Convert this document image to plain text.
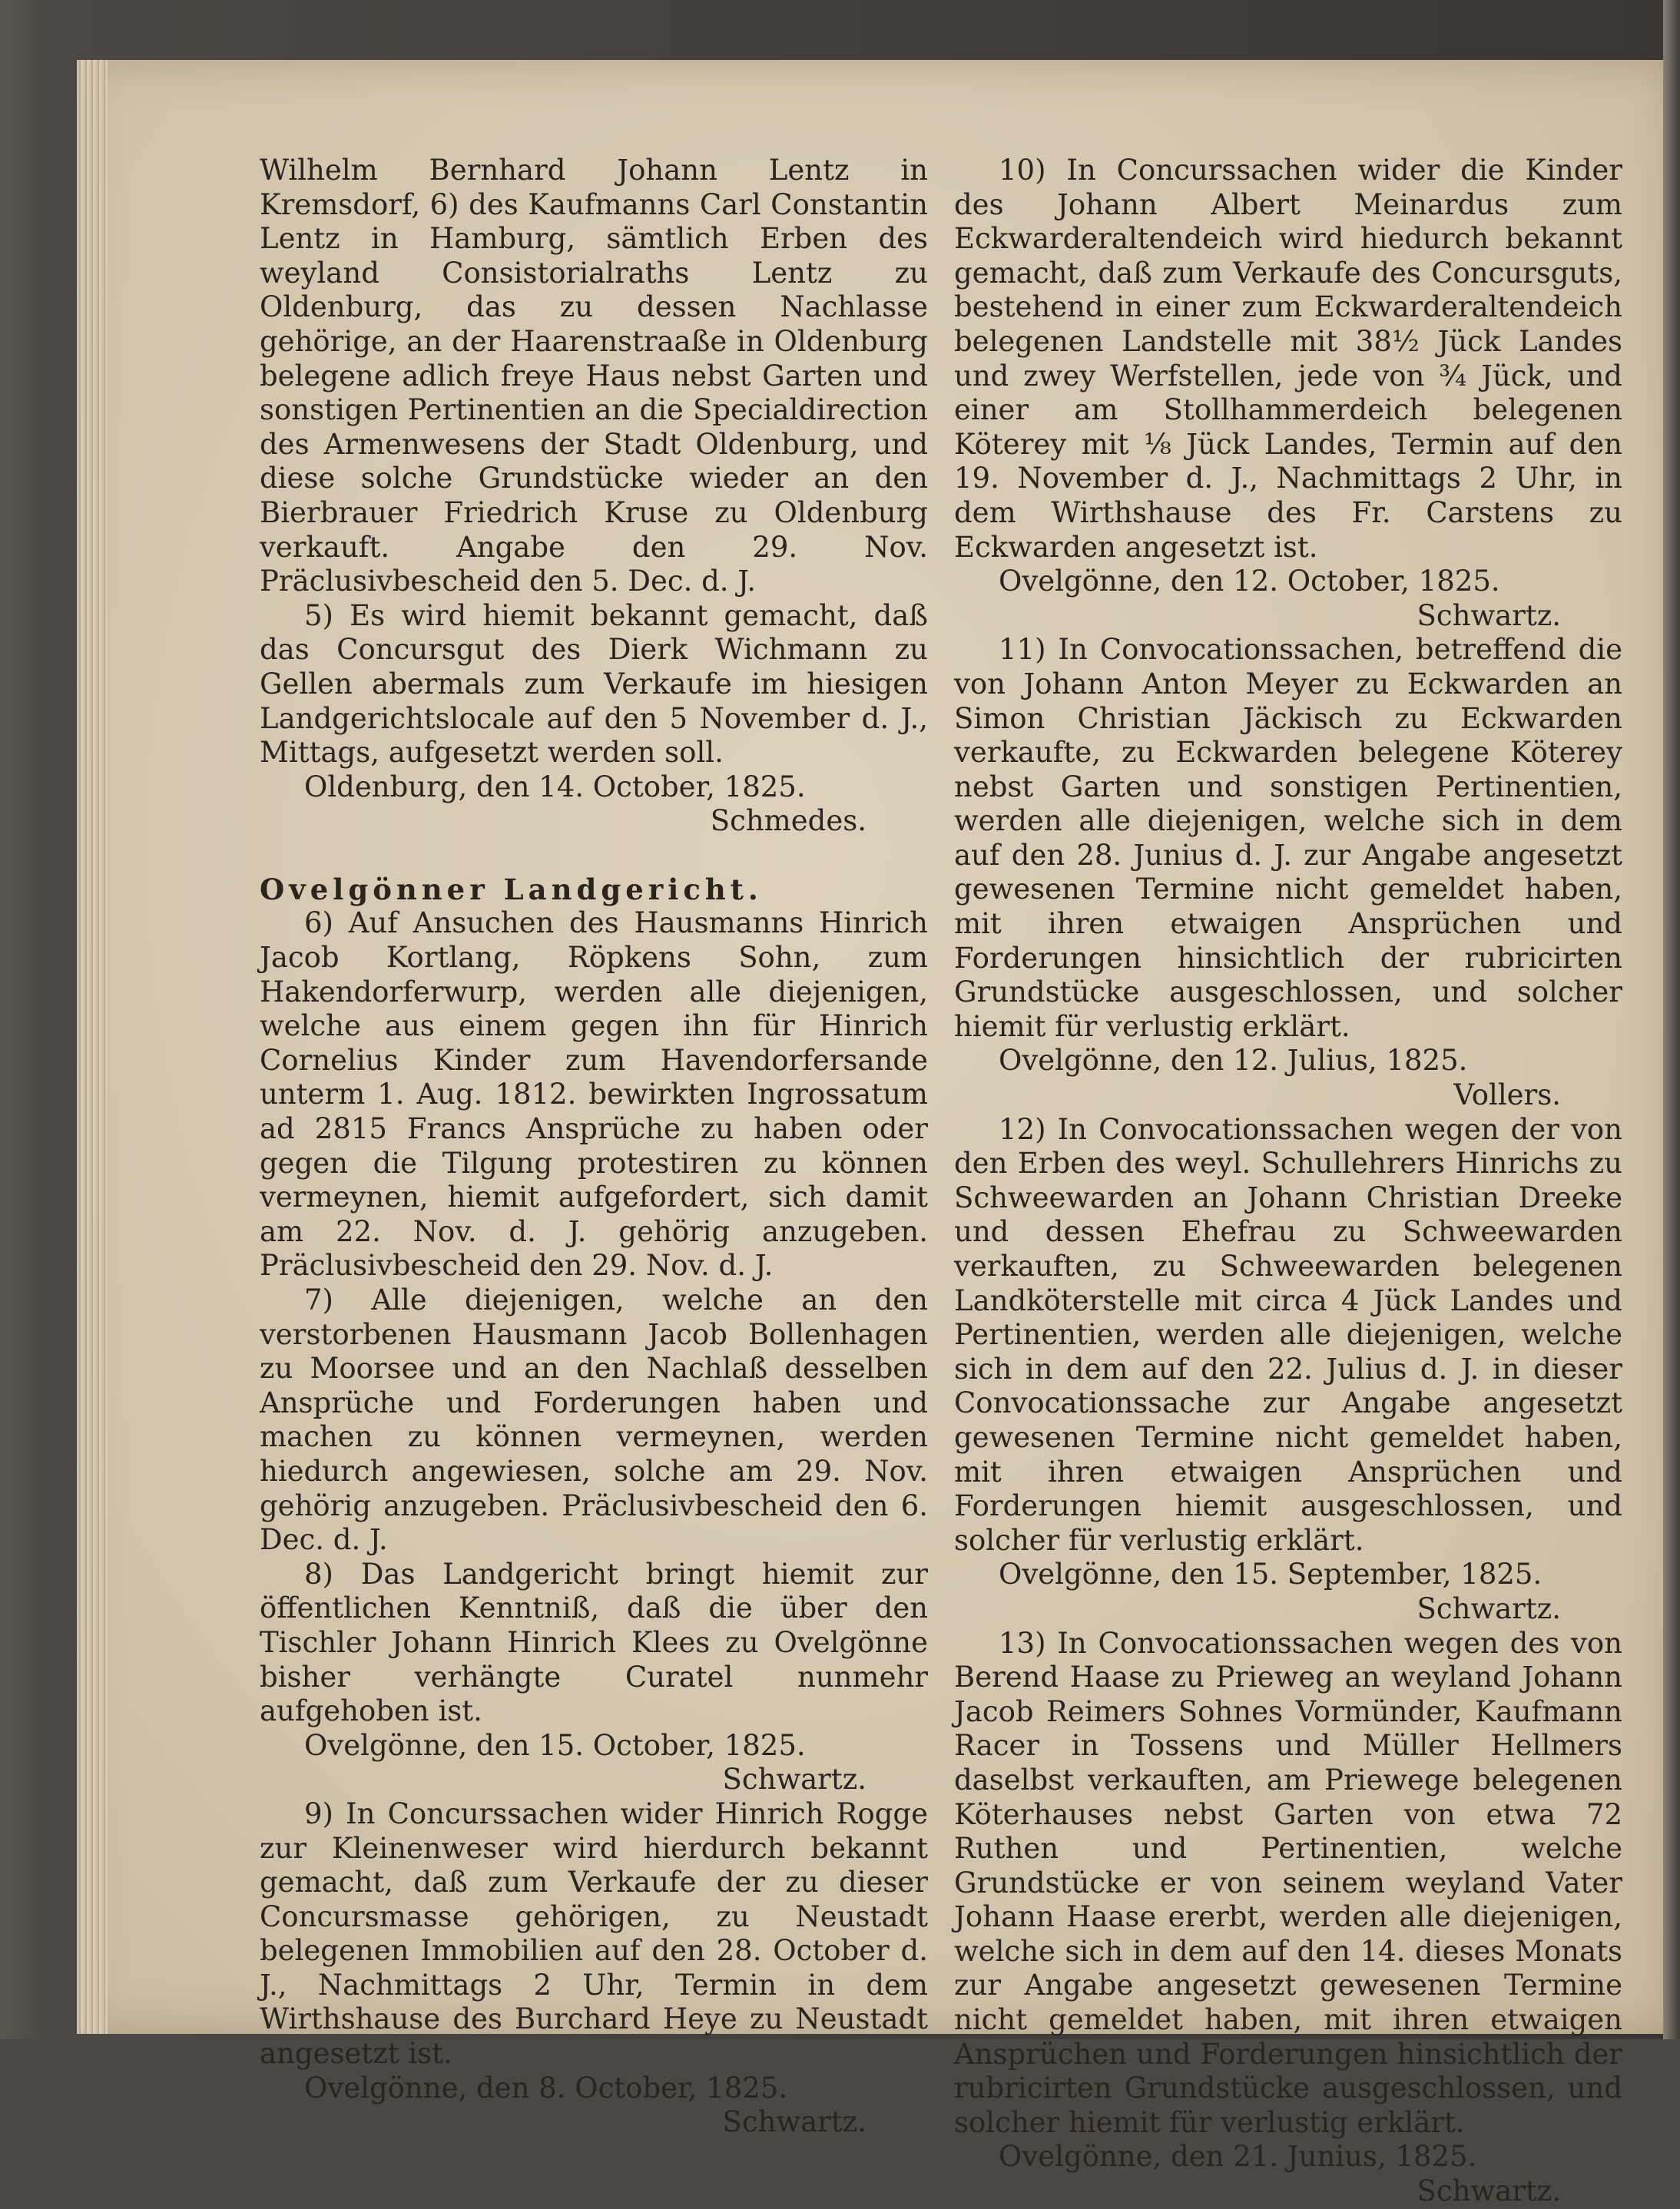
Wilhelm Bernhard Johann Lentz in Kremsdorf, 6) des Kaufmanns Carl Constantin Lentz in Hamburg, sämtlich Erben des weyland Consistorialraths Lentz zu Oldenburg, das zu dessen Nachlasse gehörige, an der Haarenstraaße in Oldenburg belegene adlich freye Haus nebst Garten und sonstigen Pertinentien an die Specialdirection des Armenwesens der Stadt Oldenburg, und diese solche Grundstücke wieder an den Bierbrauer Friedrich Kruse zu Oldenburg verkauft. Angabe den 29. Nov. Präclusivbescheid den 5. Dec. d. J.

5) Es wird hiemit bekannt gemacht, daß das Concursgut des Dierk Wichmann zu Gellen abermals zum Verkaufe im hiesigen Landgerichtslocale auf den 5 November d. J., Mittags, aufgesetzt werden soll.

Oldenburg, den 14. October, 1825.

Schmedes.

Ovelgönner Landgericht.

6) Auf Ansuchen des Hausmanns Hinrich Jacob Kortlang, Röpkens Sohn, zum Hakendorferwurp, werden alle diejenigen, welche aus einem gegen ihn für Hinrich Cornelius Kinder zum Havendorfersande unterm 1. Aug. 1812. bewirkten Ingrossatum ad 2815 Francs Ansprüche zu haben oder gegen die Tilgung protestiren zu können vermeynen, hiemit aufgefordert, sich damit am 22. Nov. d. J. gehörig anzugeben. Präclusivbescheid den 29. Nov. d. J.

7) Alle diejenigen, welche an den verstorbenen Hausmann Jacob Bollenhagen zu Moorsee und an den Nachlaß desselben Ansprüche und Forderungen haben und machen zu können vermeynen, werden hiedurch angewiesen, solche am 29. Nov. gehörig anzugeben. Präclusivbescheid den 6. Dec. d. J.

8) Das Landgericht bringt hiemit zur öffentlichen Kenntniß, daß die über den Tischler Johann Hinrich Klees zu Ovelgönne bisher verhängte Curatel nunmehr aufgehoben ist.

Ovelgönne, den 15. October, 1825.

Schwartz.

9) In Concurssachen wider Hinrich Rogge zur Kleinenweser wird hierdurch bekannt gemacht, daß zum Verkaufe der zu dieser Concursmasse gehörigen, zu Neustadt belegenen Immobilien auf den 28. October d. J., Nachmittags 2 Uhr, Termin in dem Wirthshause des Burchard Heye zu Neustadt angesetzt ist.

Ovelgönne, den 8. October, 1825.

Schwartz.

10) In Concurssachen wider die Kinder des Johann Albert Meinardus zum Eckwarderaltendeich wird hiedurch bekannt gemacht, daß zum Verkaufe des Concursguts, bestehend in einer zum Eckwarderaltendeich belegenen Landstelle mit 38½ Jück Landes und zwey Werfstellen, jede von ¾ Jück, und einer am Stollhammerdeich belegenen Köterey mit ⅛ Jück Landes, Termin auf den 19. November d. J., Nachmittags 2 Uhr, in dem Wirthshause des Fr. Carstens zu Eckwarden angesetzt ist.

Ovelgönne, den 12. October, 1825.

Schwartz.

11) In Convocationssachen, betreffend die von Johann Anton Meyer zu Eckwarden an Simon Christian Jäckisch zu Eckwarden verkaufte, zu Eckwarden belegene Köterey nebst Garten und sonstigen Pertinentien, werden alle diejenigen, welche sich in dem auf den 28. Junius d. J. zur Angabe angesetzt gewesenen Termine nicht gemeldet haben, mit ihren etwaigen Ansprüchen und Forderungen hinsichtlich der rubricirten Grundstücke ausgeschlossen, und solcher hiemit für verlustig erklärt.

Ovelgönne, den 12. Julius, 1825.

Vollers.

12) In Convocationssachen wegen der von den Erben des weyl. Schullehrers Hinrichs zu Schweewarden an Johann Christian Dreeke und dessen Ehefrau zu Schweewarden verkauften, zu Schweewarden belegenen Landköterstelle mit circa 4 Jück Landes und Pertinentien, werden alle diejenigen, welche sich in dem auf den 22. Julius d. J. in dieser Convocationssache zur Angabe angesetzt gewesenen Termine nicht gemeldet haben, mit ihren etwaigen Ansprüchen und Forderungen hiemit ausgeschlossen, und solcher für verlustig erklärt.

Ovelgönne, den 15. September, 1825.

Schwartz.

13) In Convocationssachen wegen des von Berend Haase zu Prieweg an weyland Johann Jacob Reimers Sohnes Vormünder, Kaufmann Racer in Tossens und Müller Hellmers daselbst verkauften, am Priewege belegenen Köterhauses nebst Garten von etwa 72 Ruthen und Pertinentien, welche Grundstücke er von seinem weyland Vater Johann Haase ererbt, werden alle diejenigen, welche sich in dem auf den 14. dieses Monats zur Angabe angesetzt gewesenen Termine nicht gemeldet haben, mit ihren etwaigen Ansprüchen und Forderungen hinsichtlich der rubricirten Grundstücke ausgeschlossen, und solcher hiemit für verlustig erklärt.

Ovelgönne, den 21. Junius, 1825.

Schwartz.
